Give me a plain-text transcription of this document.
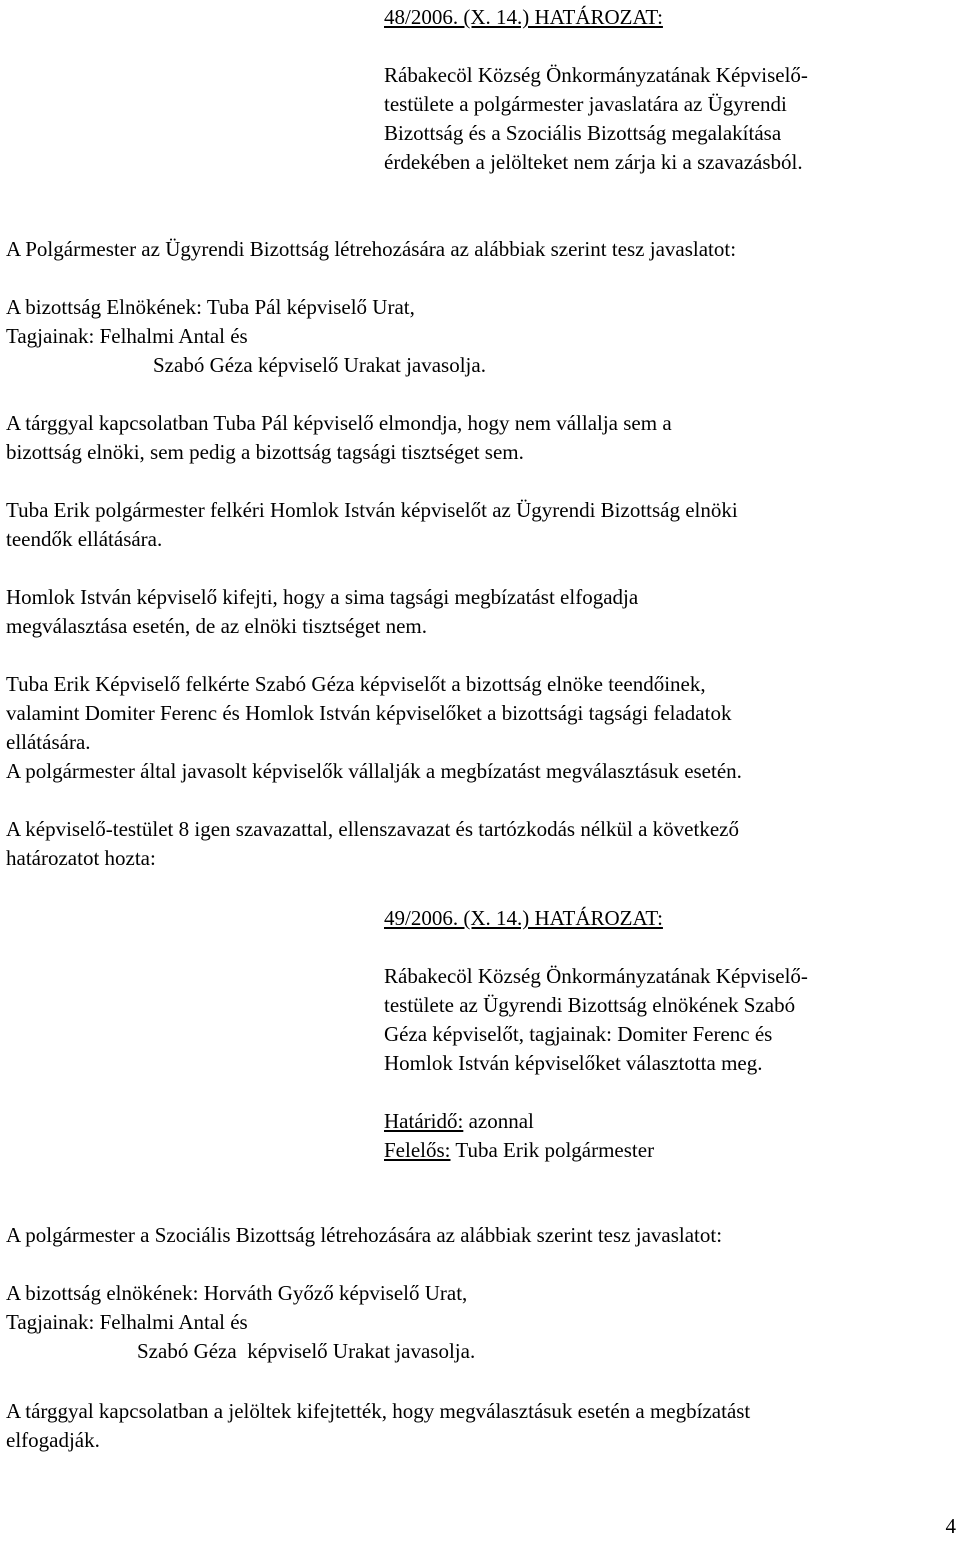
48/2006. (X. 14.) HATÁROZAT:
Rábakecöl Község Önkormányzatának Képviselő-
testülete a polgármester javaslatára az Ügyrendi
Bizottság és a Szociális Bizottság megalakítása
érdekében a jelölteket nem zárja ki a szavazásból.
A Polgármester az Ügyrendi Bizottság létrehozására az alábbiak szerint tesz javaslatot:
A bizottság Elnökének: Tuba Pál képviselő Urat,
Tagjainak: Felhalmi Antal és
Szabó Géza képviselő Urakat javasolja.
A tárggyal kapcsolatban Tuba Pál képviselő elmondja, hogy nem vállalja sem a
bizottság elnöki, sem pedig a bizottság tagsági tisztséget sem.
Tuba Erik polgármester felkéri Homlok István képviselőt az Ügyrendi Bizottság elnöki
teendők ellátására.
Homlok István képviselő kifejti, hogy a sima tagsági megbízatást elfogadja
megválasztása esetén, de az elnöki tisztséget nem.
Tuba Erik Képviselő felkérte Szabó Géza képviselőt a bizottság elnöke teendőinek,
valamint Domiter Ferenc és Homlok István képviselőket a bizottsági tagsági feladatok
ellátására.
A polgármester által javasolt képviselők vállalják a megbízatást megválasztásuk esetén.
A képviselő-testület 8 igen szavazattal, ellenszavazat és tartózkodás nélkül a következő
határozatot hozta:
49/2006. (X. 14.) HATÁROZAT:
Rábakecöl Község Önkormányzatának Képviselő-
testülete az Ügyrendi Bizottság elnökének Szabó
Géza képviselőt, tagjainak: Domiter Ferenc és
Homlok István képviselőket választotta meg.
Határidő: azonnal
Felelős: Tuba Erik polgármester
A polgármester a Szociális Bizottság létrehozására az alábbiak szerint tesz javaslatot:
A bizottság elnökének: Horváth Győző képviselő Urat,
Tagjainak: Felhalmi Antal és
Szabó Géza  képviselő Urakat javasolja.
A tárggyal kapcsolatban a jelöltek kifejtették, hogy megválasztásuk esetén a megbízatást
elfogadják.
4
